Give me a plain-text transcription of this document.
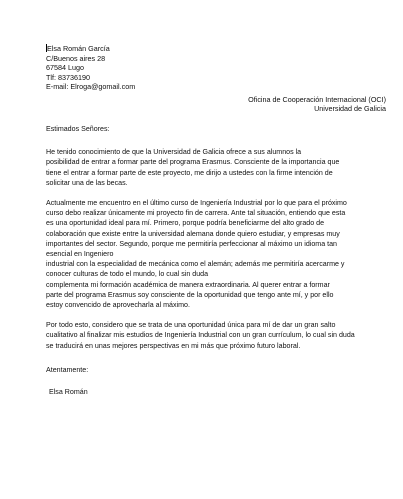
Elsa Román García
C/Buenos aires 28
67584 Lugo
Tlf: 83736190
E-mail: Elroga@gomail.com
Oficina de Cooperación Internacional (OCI)
Universidad de Galicia

Estimados Señores:

He tenido conocimiento de que la Universidad de Galicia ofrece a sus alumnos la
posibilidad de entrar a formar parte del programa Erasmus. Consciente de la importancia que
tiene el entrar a formar parte de este proyecto, me dirijo a ustedes con la firme intención de
solicitar una de las becas.

Actualmente me encuentro en el último curso de Ingeniería Industrial por lo que para el próximo
curso debo realizar únicamente mi proyecto fin de carrera. Ante tal situación, entiendo que esta
es una oportunidad ideal para mí. Primero, porque podría beneficiarme del alto grado de
colaboración que existe entre la universidad alemana donde quiero estudiar, y empresas muy
importantes del sector. Segundo, porque me permitiría perfeccionar al máximo un idioma tan
esencial en Ingeniero
industrial con la especialidad de mecánica como el alemán; además me permitiría acercarme y
conocer culturas de todo el mundo, lo cual sin duda
complementa mi formación académica de manera extraordinaria. Al querer entrar a formar
parte del programa Erasmus soy consciente de la oportunidad que tengo ante mí, y por ello
estoy convencido de aprovecharla al máximo.

Por todo esto, considero que se trata de una oportunidad única para mí de dar un gran salto
cualitativo al finalizar mis estudios de Ingeniería Industrial con un gran currículum, lo cual sin duda
se traducirá en unas mejores perspectivas en mi más que próximo futuro laboral.

Atentamente:

Elsa Román
